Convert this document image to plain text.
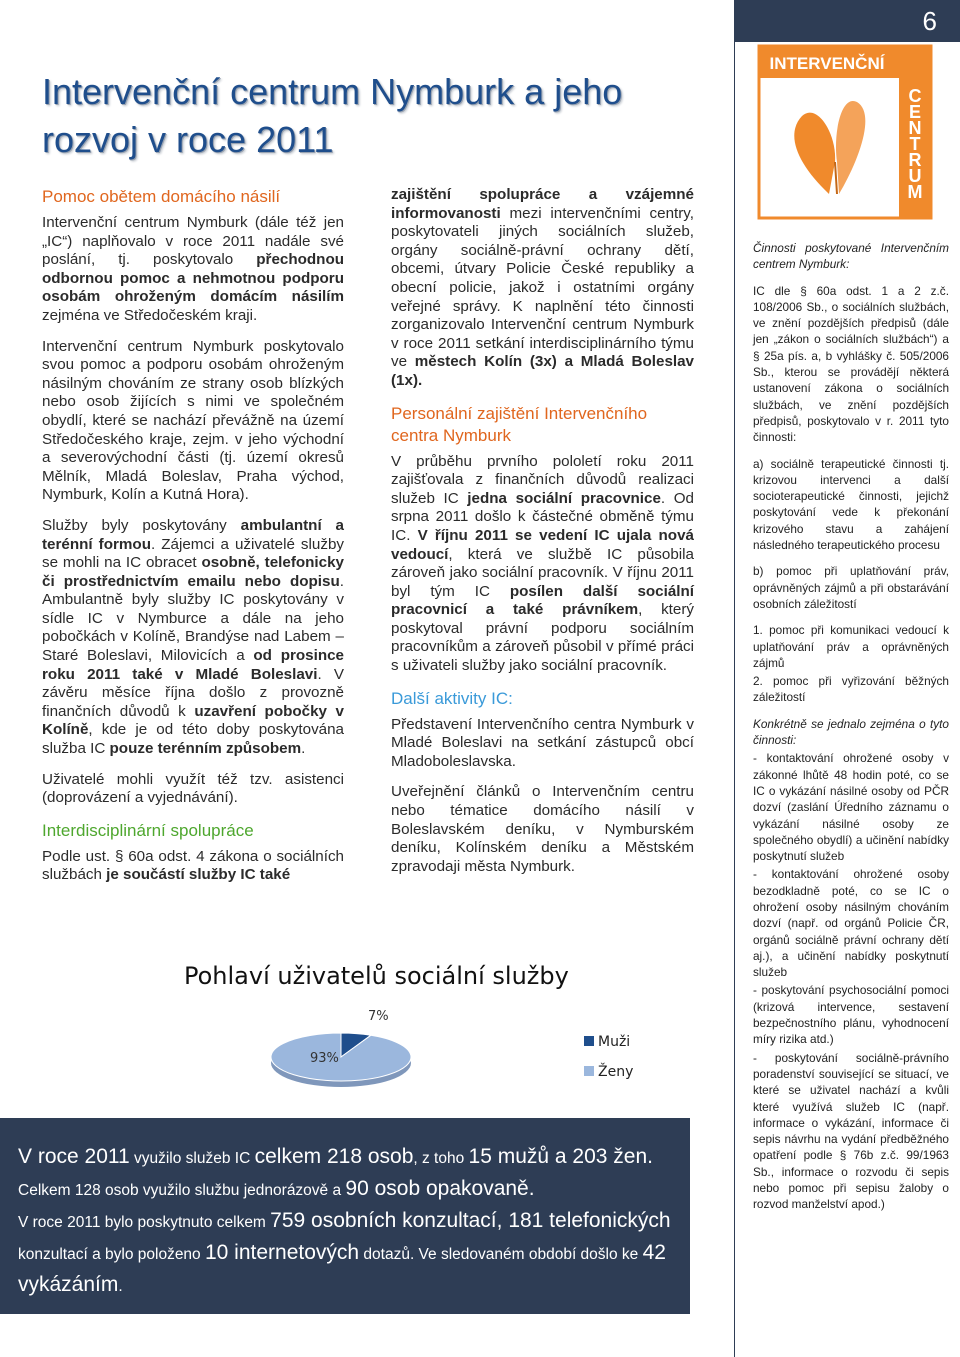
Intervenční centrum Nymburk a jeho
rozvoj v roce 2011
Pomoc obětem domácího násilí

Intervenční centrum Nymburk (dále též jen „IC“) naplňovalo v roce 2011 nadále své poslání, tj. poskytovalo přechodnou odbornou pomoc a nehmotnou podporu osobám ohroženým domácím násilím zejména ve Středočeském kraji.

Intervenční centrum Nymburk poskytovalo svou pomoc a podporu osobám ohroženým násilným chováním ze strany osob blízkých nebo osob žijících s nimi ve společném obydlí, které se nachází převážně na území Středočeského kraje, zejm. v jeho východní a severovýchodní části (tj. území okresů Mělník, Mladá Boleslav, Praha východ, Nymburk, Kolín a Kutná Hora).

Služby byly poskytovány ambulantní a terénní formou. Zájemci a uživatelé služby se mohli na IC obracet osobně, telefonicky či prostřednictvím emailu nebo dopisu. Ambulantně byly služby IC poskytovány v sídle IC v Nymburce a dále na jeho pobočkách v Kolíně, Brandýse nad Labem – Staré Boleslavi, Milovicích a od prosince roku 2011 také v Mladé Boleslavi. V závěru měsíce října došlo z provozně finančních důvodů k uzavření pobočky v Kolíně, kde je od této doby poskytována služba IC pouze terénním způsobem.

Uživatelé mohli využít též tzv. asistenci (doprovázení a vyjednávání).

Interdisciplinární spolupráce

Podle ust. § 60a odst. 4 zákona o sociálních službách je součástí služby IC také

zajištění spolupráce a vzájemné informovanosti mezi intervenčními centry, poskytovateli jiných sociálních služeb, orgány sociálně-právní ochrany dětí, obcemi, útvary Policie České republiky a obecní policie, jakož i ostatními orgány veřejné správy. K naplnění této činnosti zorganizovalo Intervenční centrum Nymburk v roce 2011 setkání interdisciplinárního týmu ve městech Kolín (3x) a Mladá Boleslav (1x).

Personální zajištění Intervenčního centra Nymburk

V průběhu prvního pololetí roku 2011 zajišťovala z finančních důvodů realizaci služeb IC jedna sociální pracovnice. Od srpna 2011 došlo k částečné obměně týmu IC. V říjnu 2011 se vedení IC ujala nová vedoucí, která ve službě IC působila zároveň jako sociální pracovník. V říjnu 2011 byl tým IC posílen další sociální pracovnicí a také právníkem, který poskytoval právní podporu sociálním pracovníkům a zároveň působil v přímé práci s uživateli služby jako sociální pracovník.

Další aktivity IC:

Představení Intervenčního centra Nymburk v Mladé Boleslavi na setkání zástupců obcí Mladoboleslavska.

Uveřejnění článků o Intervenčním centru nebo tématice domácího násilí v Boleslavském deníku, v Nymburském deníku, Kolínském deníku a Městském zpravodaji města Nymburk.

Pohlaví uživatelů sociální služby
7%
93%
Muži
Ženy
V roce 2011 využilo služeb IC celkem 218 osob, z toho 15 mužů a 203 žen. Celkem 128 osob využilo službu jednorázově a 90 osob opakovaně.
V roce 2011 bylo poskytnuto celkem 759 osobních konzultací, 181 telefonických konzultací a bylo položeno 10 internetových dotazů. Ve sledovaném období došlo ke 42 vykázáním.
6
INTERVENČNÍ
C E N T R U M

Činnosti poskytované Intervenčním centrem Nymburk:

IC dle § 60a odst. 1 a 2 z.č. 108/2006 Sb., o sociálních službách, ve znění pozdějších předpisů (dále jen „zákon o sociálních službách“) a § 25a pís. a, b vyhlášky č. 505/2006 Sb., kterou se provádějí některá ustanovení zákona o sociálních službách, ve znění pozdějších předpisů, poskytovalo v r. 2011 tyto činnosti:

a) sociálně terapeutické činnosti tj. krizovou intervenci a další socioterapeutické činnosti, jejichž poskytování vede k překonání krizového stavu a zahájení následného terapeutického procesu

b) pomoc při uplatňování práv, oprávněných zájmů a při obstarávání osobních záležitostí

1. pomoc při komunikaci vedoucí k uplatňování práv a oprávněných zájmů

2. pomoc při vyřizování běžných záležitostí

Konkrétně se jednalo zejména o tyto činnosti:

- kontaktování ohrožené osoby v zákonné lhůtě 48 hodin poté, co se IC o vykázání násilné osoby od PČR dozví (zaslání Úředního záznamu o vykázání násilné osoby ze společného obydlí) a učinění nabídky poskytnutí služeb

- kontaktování ohrožené osoby bezodkladně poté, co se IC o ohrožení osoby násilným chováním dozví (např. od orgánů Policie ČR, orgánů sociálně právní ochrany dětí aj.), a učinění nabídky poskytnutí služeb

- poskytování psychosociální pomoci (krizová intervence, sestavení bezpečnostního plánu, vyhodnocení míry rizika atd.)

- poskytování sociálně-právního poradenství související se situací, ve které se uživatel nachází a kvůli které využívá služeb IC (např. informace o vykázání, informace či sepis návrhu na vydání předběžného opatření podle § 76b z.č. 99/1963 Sb., informace o rozvodu či sepis nebo pomoc při sepisu žaloby o rozvod manželství apod.)
